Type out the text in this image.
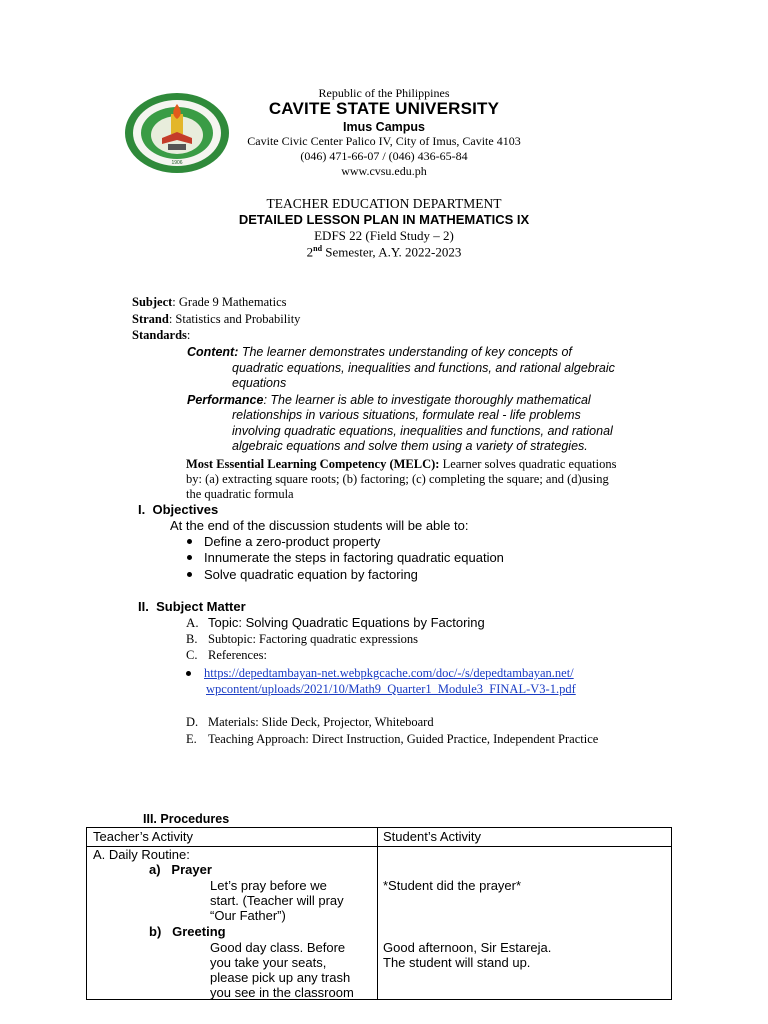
1906
Republic of the Philippines
CAVITE STATE UNIVERSITY
Imus Campus
Cavite Civic Center Palico IV, City of Imus, Cavite 4103
(046) 471-66-07 / (046) 436-65-84
www.cvsu.edu.ph
TEACHER EDUCATION DEPARTMENT
DETAILED LESSON PLAN IN MATHEMATICS IX
EDFS 22 (Field Study – 2)
2nd Semester, A.Y. 2022-2023
Subject: Grade 9 Mathematics
Strand: Statistics and Probability
Standards:
Content: The learner demonstrates understanding of key concepts of
quadratic equations, inequalities and functions, and rational algebraic
equations
Performance: The learner is able to investigate thoroughly mathematical
relationships in various situations, formulate real - life problems
involving quadratic equations, inequalities and functions, and rational
algebraic equations and solve them using a variety of strategies.
Most Essential Learning Competency (MELC): Learner solves quadratic equations
by: (a) extracting square roots; (b) factoring; (c) completing the square; and (d)using
the quadratic formula
I. Objectives
At the end of the discussion students will be able to:
Define a zero-product property
Innumerate the steps in factoring quadratic equation
Solve quadratic equation by factoring
II. Subject Matter
A. Topic: Solving Quadratic Equations by Factoring
B. Subtopic: Factoring quadratic expressions
C. References:
https://depedtambayan-net.webpkgcache.com/doc/-/s/depedtambayan.net/
wpcontent/uploads/2021/10/Math9_Quarter1_Module3_FINAL-V3-1.pdf
D. Materials: Slide Deck, Projector, Whiteboard
E. Teaching Approach: Direct Instruction, Guided Practice, Independent Practice
III. Procedures
Teacher’s Activity	Student’s Activity
A. Daily Routine:
a) Prayer
Let’s pray before we
start. (Teacher will pray
“Our Father”)
*Student did the prayer*
b) Greeting
Good day class. Before
you take your seats,
please pick up any trash
you see in the classroom
Good afternoon, Sir Estareja.
The student will stand up.
